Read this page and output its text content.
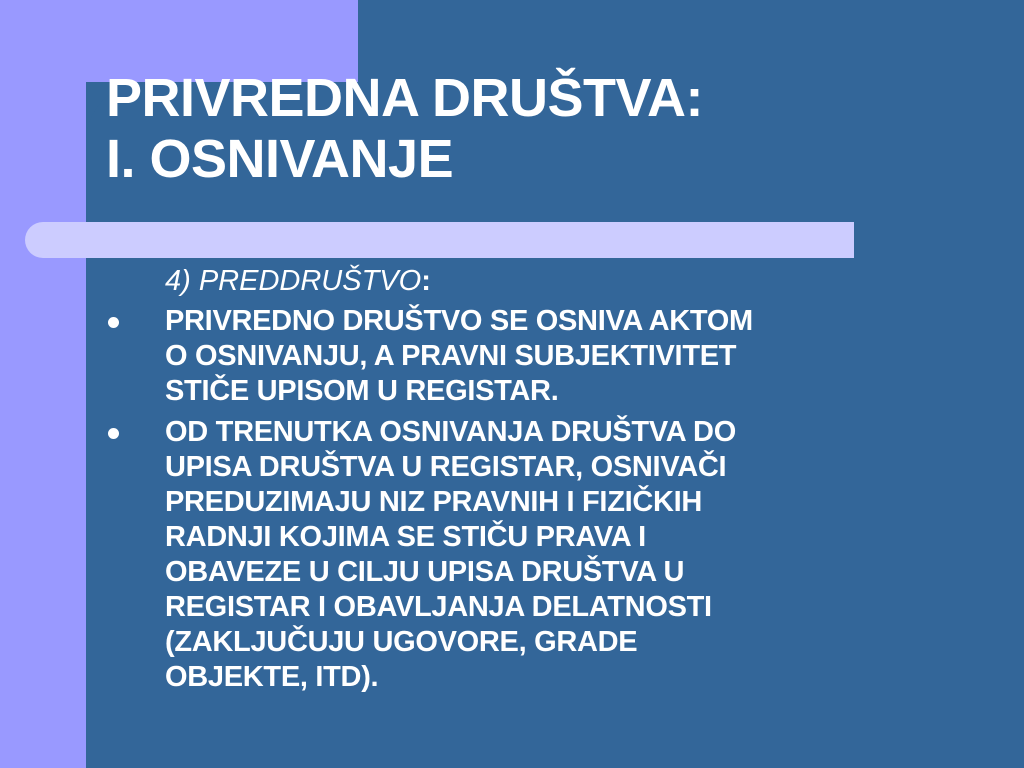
PRIVREDNA DRUŠTVA:
I. OSNIVANJE

4) PREDDRUŠTVO:

PRIVREDNO DRUŠTVO SE OSNIVA AKTOM
O OSNIVANJU, A PRAVNI SUBJEKTIVITET
STIČE UPISOM U REGISTAR.
OD TRENUTKA OSNIVANJA DRUŠTVA DO
UPISA DRUŠTVA U REGISTAR, OSNIVAČI
PREDUZIMAJU NIZ PRAVNIH I FIZIČKIH
RADNJI KOJIMA SE STIČU PRAVA I
OBAVEZE U CILJU UPISA DRUŠTVA U
REGISTAR I OBAVLJANJA DELATNOSTI
(ZAKLJUČUJU UGOVORE, GRADE
OBJEKTE, ITD).
